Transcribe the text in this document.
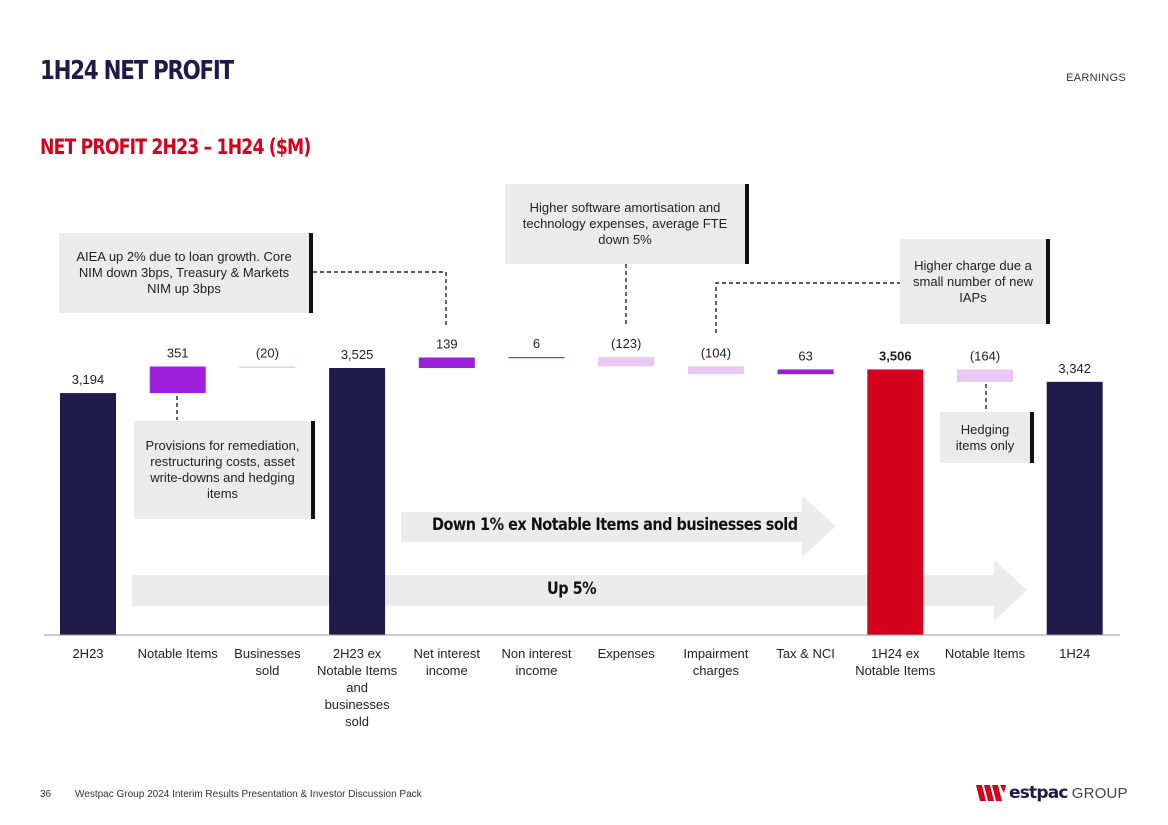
1H24 NET PROFIT	EARNINGS
NET PROFIT 2H23 – 1H24 ($M)
3,194
351	(20)	3,525
139	6	(123)
(104)	63	3,506	(164)
3,342
2H23	Notable Items Businesses sold
2H23 ex Notable Items and businesses sold
Net interest income
Non interest income
Expenses Impairment charges
Tax & NCI	1H24 ex Notable Items
Notable Items	1H24
AIEA up 2% due to loan growth. Core NIM down 3bps, Treasury & Markets NIM up 3bps
Higher software amortisation and technology expenses, average FTE down 5%
Higher charge due a small number of new IAPs
Provisions for remediation, restructuring costs, asset write-downs and hedging items
Hedging items only
Down 1% ex Notable Items and businesses sold
Up 5%
36 Westpac Group 2024 Interim Results Presentation & Investor Discussion Pack	estpac GROUP
